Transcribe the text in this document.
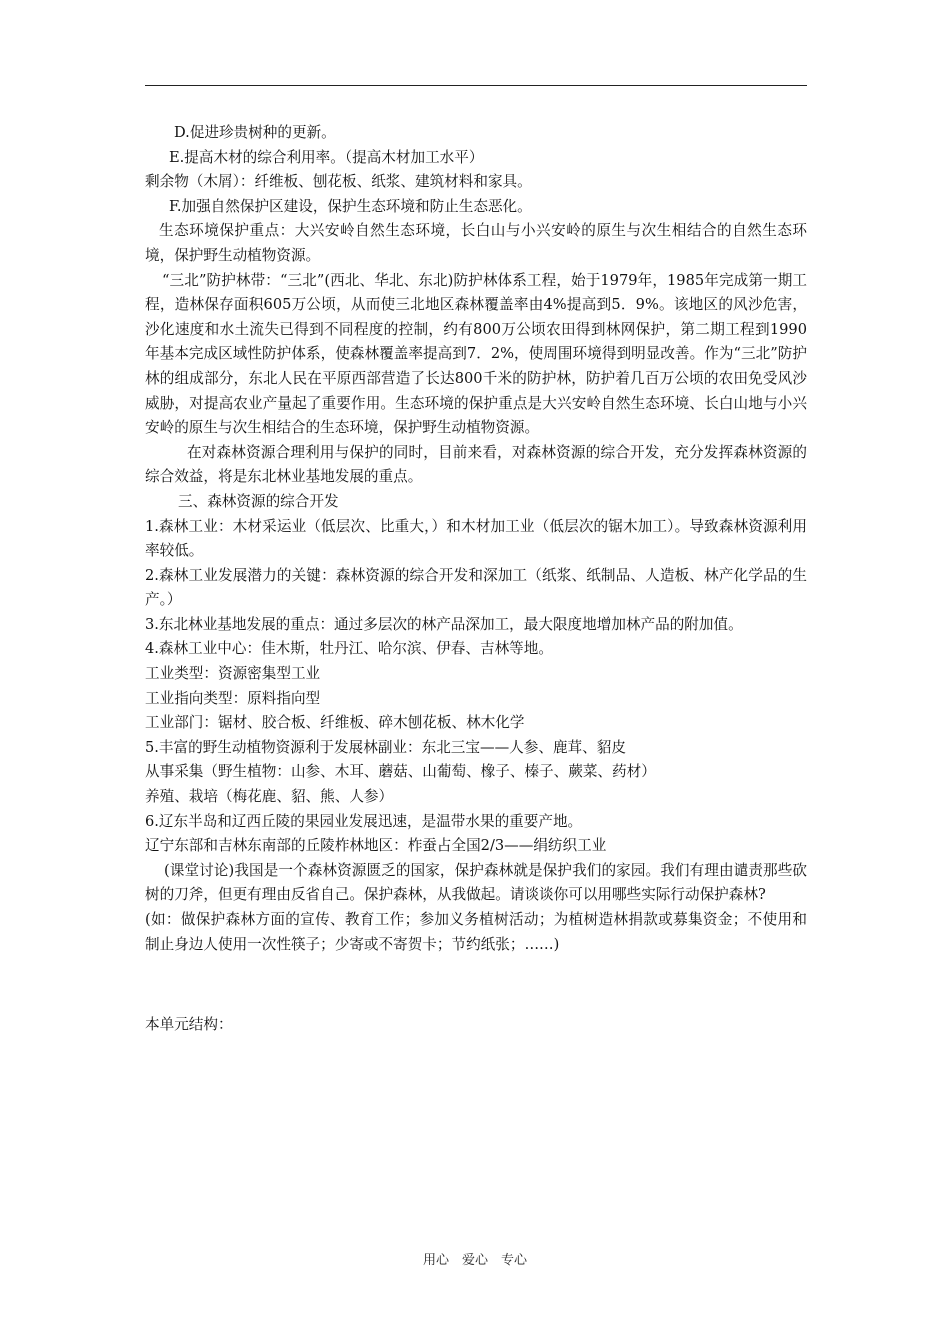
D.促进珍贵树种的更新。

E.提高木材的综合利用率。（提高木材加工水平）

剩余物（木屑）：纤维板、刨花板、纸浆、建筑材料和家具。

F.加强自然保护区建设，保护生态环境和防止生态恶化。

生态环境保护重点：大兴安岭自然生态环境，长白山与小兴安岭的原生与次生相结合的自然生态环境，保护野生动植物资源。

“三北”防护林带：“三北”(西北、华北、东北)防护林体系工程，始于1979年，1985年完成第一期工程，造林保存面积605万公顷，从而使三北地区森林覆盖率由4%提高到5．9%。该地区的风沙危害，沙化速度和水土流失已得到不同程度的控制，约有800万公顷农田得到林网保护，第二期工程到1990年基本完成区域性防护体系，使森林覆盖率提高到7．2%，使周围环境得到明显改善。作为“三北”防护林的组成部分，东北人民在平原西部营造了长达800千米的防护林，防护着几百万公顷的农田免受风沙威胁，对提高农业产量起了重要作用。生态环境的保护重点是大兴安岭自然生态环境、长白山地与小兴安岭的原生与次生相结合的生态环境，保护野生动植物资源。

在对森林资源合理利用与保护的同时，目前来看，对森林资源的综合开发，充分发挥森林资源的综合效益，将是东北林业基地发展的重点。

三、森林资源的综合开发

1.森林工业：木材采运业（低层次、比重大，）和木材加工业（低层次的锯木加工）。导致森林资源利用率较低。

2.森林工业发展潜力的关键：森林资源的综合开发和深加工（纸浆、纸制品、人造板、林产化学品的生产。）

3.东北林业基地发展的重点：通过多层次的林产品深加工，最大限度地增加林产品的附加值。

4.森林工业中心：佳木斯，牡丹江、哈尔滨、伊春、吉林等地。

工业类型：资源密集型工业

工业指向类型：原料指向型

工业部门：锯材、胶合板、纤维板、碎木刨花板、林木化学

5.丰富的野生动植物资源利于发展林副业：东北三宝——人参、鹿茸、貂皮

从事采集（野生植物：山参、木耳、蘑菇、山葡萄、橡子、榛子、蕨菜、药材）

养殖、栽培（梅花鹿、貂、熊、人参）

6.辽东半岛和辽西丘陵的果园业发展迅速，是温带水果的重要产地。

辽宁东部和吉林东南部的丘陵柞林地区：柞蚕占全国2/3——绢纺织工业

(课堂讨论)我国是一个森林资源匮乏的国家，保护森林就是保护我们的家园。我们有理由谴责那些砍树的刀斧，但更有理由反省自己。保护森林，从我做起。请谈谈你可以用哪些实际行动保护森林?

(如：做保护森林方面的宣传、教育工作；参加义务植树活动；为植树造林捐款或募集资金；不使用和制止身边人使用一次性筷子；少寄或不寄贺卡；节约纸张；……)

本单元结构：

用心　爱心　专心
